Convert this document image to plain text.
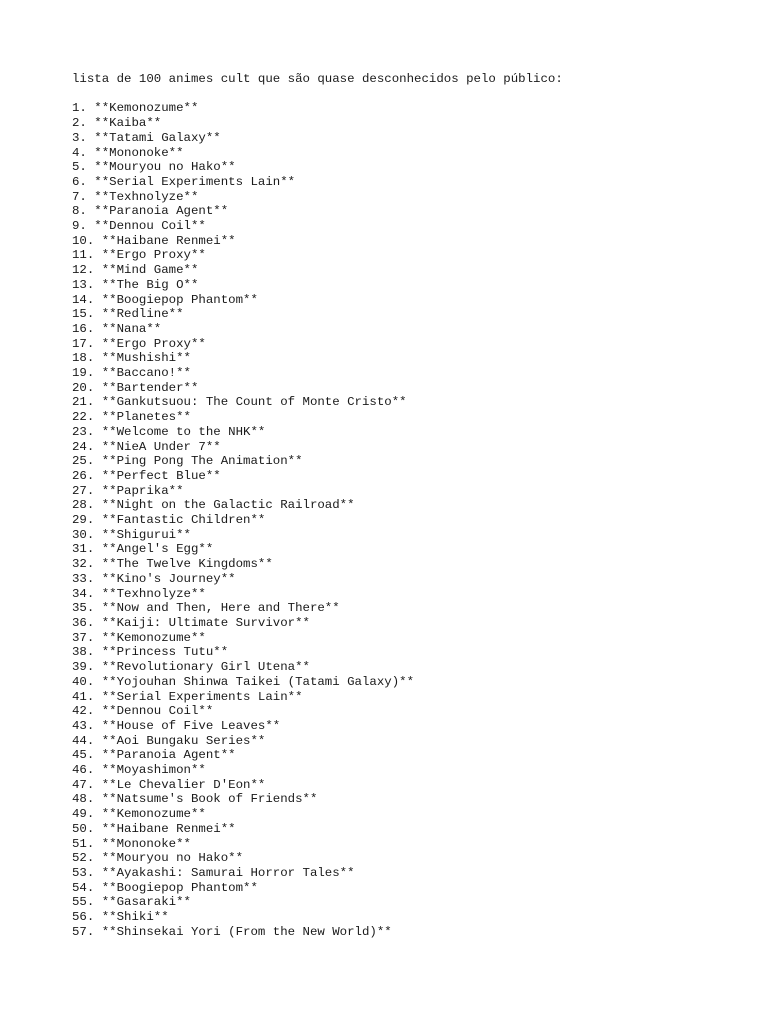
lista de 100 animes cult que são quase desconhecidos pelo público:

1. **Kemonozume**
2. **Kaiba**
3. **Tatami Galaxy**
4. **Mononoke**
5. **Mouryou no Hako**
6. **Serial Experiments Lain**
7. **Texhnolyze**
8. **Paranoia Agent**
9. **Dennou Coil**
10. **Haibane Renmei**
11. **Ergo Proxy**
12. **Mind Game**
13. **The Big O**
14. **Boogiepop Phantom**
15. **Redline**
16. **Nana**
17. **Ergo Proxy**
18. **Mushishi**
19. **Baccano!**
20. **Bartender**
21. **Gankutsuou: The Count of Monte Cristo**
22. **Planetes**
23. **Welcome to the NHK**
24. **NieA Under 7**
25. **Ping Pong The Animation**
26. **Perfect Blue**
27. **Paprika**
28. **Night on the Galactic Railroad**
29. **Fantastic Children**
30. **Shigurui**
31. **Angel's Egg**
32. **The Twelve Kingdoms**
33. **Kino's Journey**
34. **Texhnolyze**
35. **Now and Then, Here and There**
36. **Kaiji: Ultimate Survivor**
37. **Kemonozume**
38. **Princess Tutu**
39. **Revolutionary Girl Utena**
40. **Yojouhan Shinwa Taikei (Tatami Galaxy)**
41. **Serial Experiments Lain**
42. **Dennou Coil**
43. **House of Five Leaves**
44. **Aoi Bungaku Series**
45. **Paranoia Agent**
46. **Moyashimon**
47. **Le Chevalier D'Eon**
48. **Natsume's Book of Friends**
49. **Kemonozume**
50. **Haibane Renmei**
51. **Mononoke**
52. **Mouryou no Hako**
53. **Ayakashi: Samurai Horror Tales**
54. **Boogiepop Phantom**
55. **Gasaraki**
56. **Shiki**
57. **Shinsekai Yori (From the New World)**
